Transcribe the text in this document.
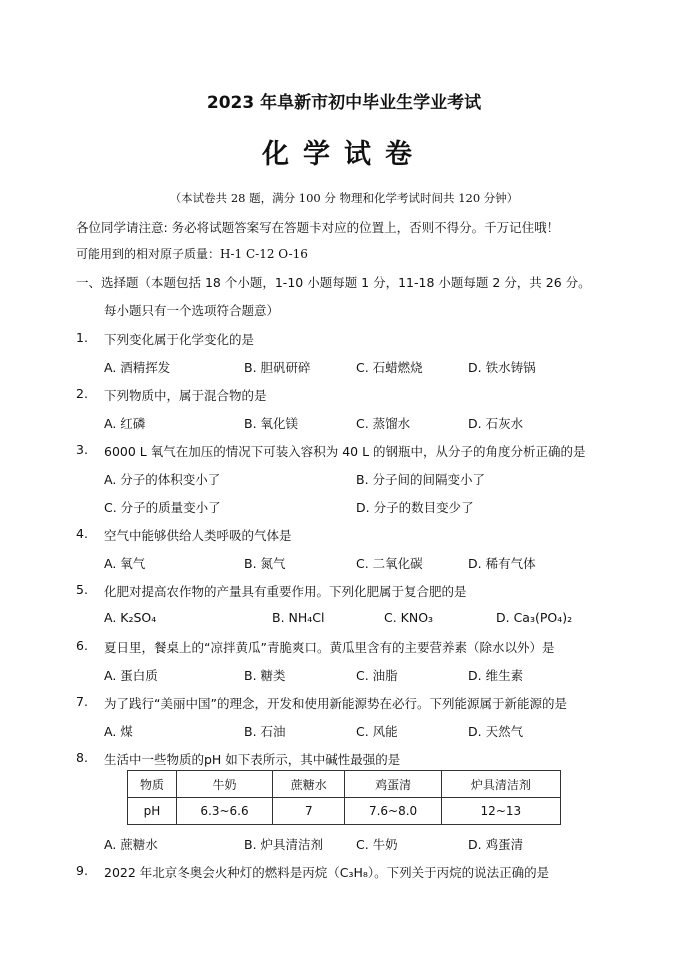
2023 年阜新市初中毕业生学业考试
化学试卷
（本试卷共 28 题，满分 100 分 物理和化学考试时间共 120 分钟）
各位同学请注意: 务必将试题答案写在答题卡对应的位置上，否则不得分。千万记住哦！
可能用到的相对原子质量：H-1 C-12 O-16
一、选择题（本题包括 18 个小题，1-10 小题每题 1 分，11-18 小题每题 2 分，共 26 分。
每小题只有一个选项符合题意）
1. 下列变化属于化学变化的是
A. 酒精挥发	B. 胆矾研碎	C. 石蜡燃烧	D. 铁水铸锅
2. 下列物质中，属于混合物的是
A. 红磷	B. 氧化镁	C. 蒸馏水	D. 石灰水
3. 6000 L 氧气在加压的情况下可装入容积为 40 L 的钢瓶中，从分子的角度分析正确的是
A. 分子的体积变小了	B. 分子间的间隔变小了
C. 分子的质量变小了	D. 分子的数目变少了
4. 空气中能够供给人类呼吸的气体是
A. 氧气	B. 氮气	C. 二氧化碳	D. 稀有气体
5. 化肥对提高农作物的产量具有重要作用。下列化肥属于复合肥的是
A. K₂SO₄	B. NH₄Cl	C. KNO₃	D. Ca₃(PO₄)₂
6. 夏日里，餐桌上的“凉拌黄瓜”青脆爽口。黄瓜里含有的主要营养素（除水以外）是
A. 蛋白质	B. 糖类	C. 油脂	D. 维生素
7. 为了践行“美丽中国”的理念，开发和使用新能源势在必行。下列能源属于新能源的是
A. 煤	B. 石油	C. 风能	D. 天然气
8. 生活中一些物质的pH 如下表所示，其中碱性最强的是
物质	牛奶	蔗糖水	鸡蛋清	炉具清洁剂
pH	6.3~6.6	7	7.6~8.0	12~13
A. 蔗糖水	B. 炉具清洁剂	C. 牛奶	D. 鸡蛋清
9. 2022 年北京冬奥会火种灯的燃料是丙烷（C₃H₈）。下列关于丙烷的说法正确的是
